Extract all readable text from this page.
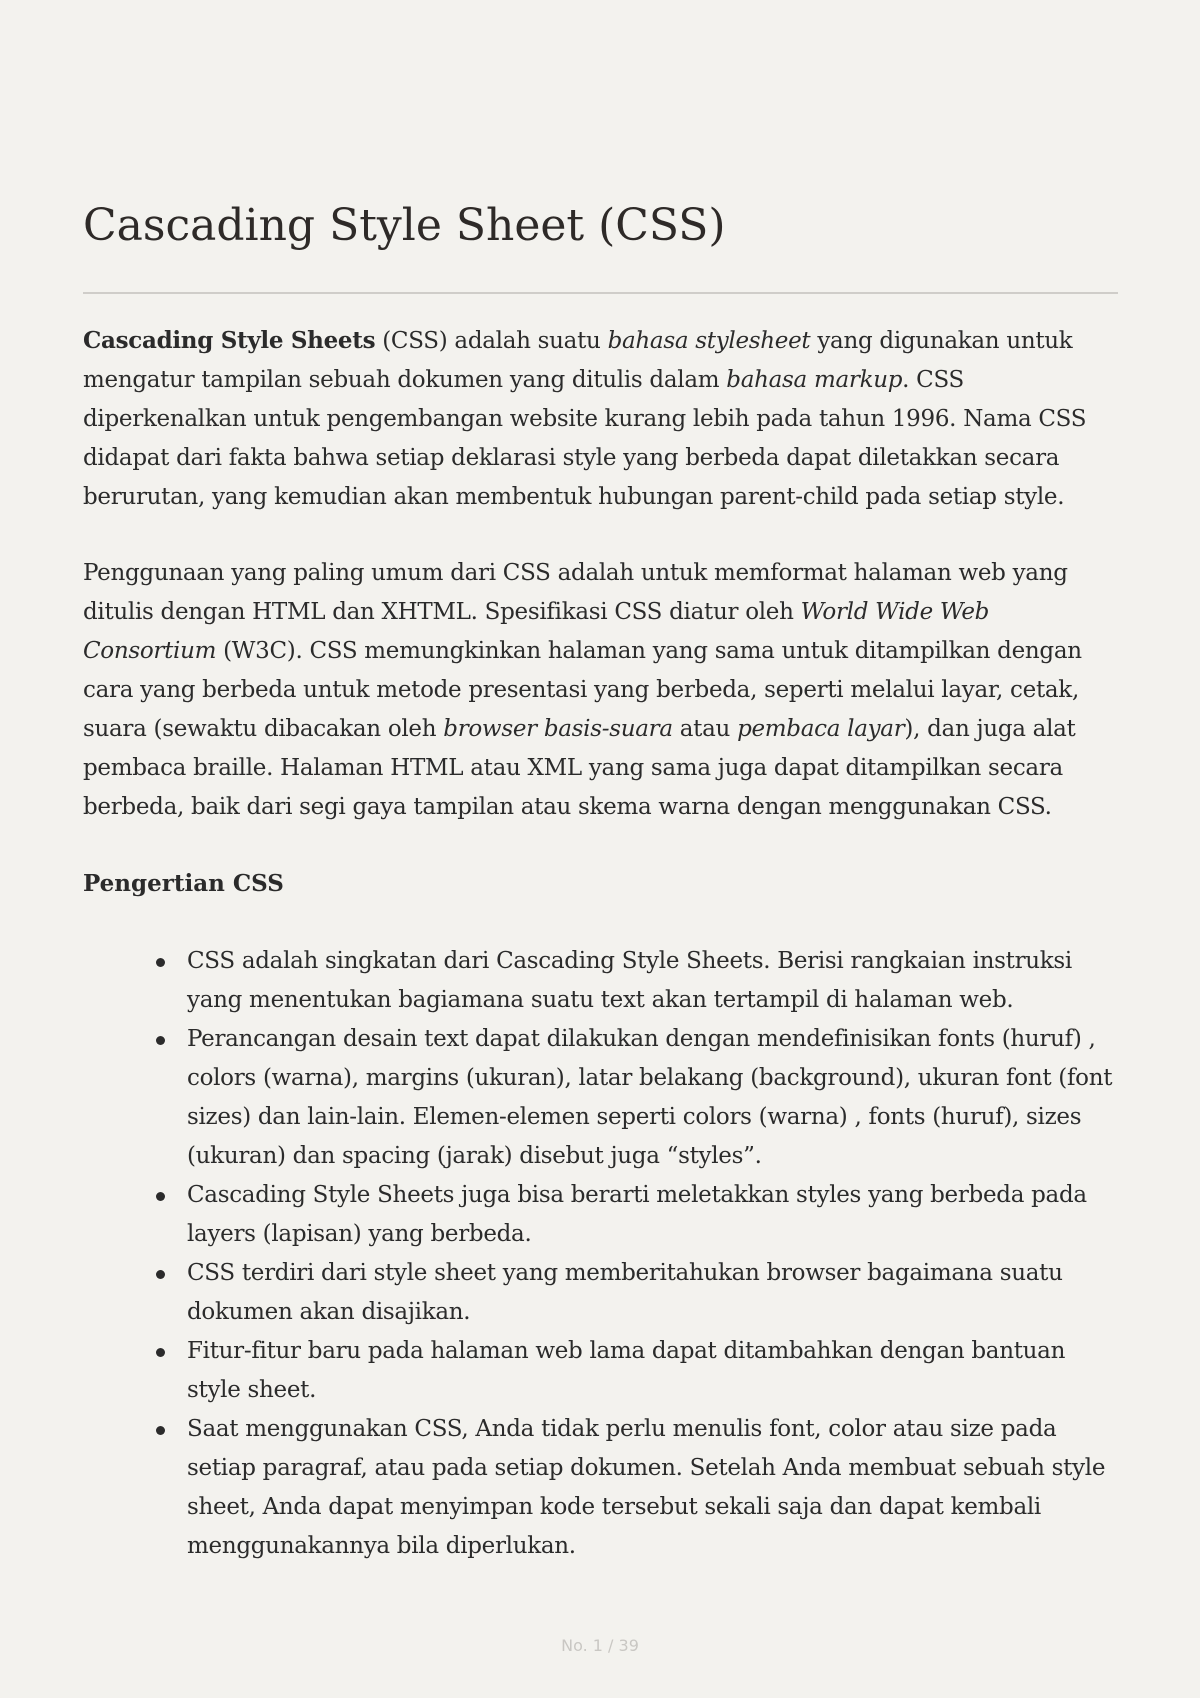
Cascading Style Sheet (CSS)

Cascading Style Sheets (CSS) adalah suatu bahasa stylesheet yang digunakan untuk mengatur tampilan sebuah dokumen yang ditulis dalam bahasa markup. CSS diperkenalkan untuk pengembangan website kurang lebih pada tahun 1996. Nama CSS didapat dari fakta bahwa setiap deklarasi style yang berbeda dapat diletakkan secara berurutan, yang kemudian akan membentuk hubungan parent-child pada setiap style.

Penggunaan yang paling umum dari CSS adalah untuk memformat halaman web yang ditulis dengan HTML dan XHTML. Spesifikasi CSS diatur oleh World Wide Web Consortium (W3C). CSS memungkinkan halaman yang sama untuk ditampilkan dengan cara yang berbeda untuk metode presentasi yang berbeda, seperti melalui layar, cetak, suara (sewaktu dibacakan oleh browser basis-suara atau pembaca layar), dan juga alat pembaca braille. Halaman HTML atau XML yang sama juga dapat ditampilkan secara berbeda, baik dari segi gaya tampilan atau skema warna dengan menggunakan CSS.

Pengertian CSS
CSS adalah singkatan dari Cascading Style Sheets. Berisi rangkaian instruksi yang menentukan bagiamana suatu text akan tertampil di halaman web.
Perancangan desain text dapat dilakukan dengan mendefinisikan fonts (huruf) , colors (warna), margins (ukuran), latar belakang (background), ukuran font (font sizes) dan lain-lain. Elemen-elemen seperti colors (warna) , fonts (huruf), sizes (ukuran) dan spacing (jarak) disebut juga “styles”.
Cascading Style Sheets juga bisa berarti meletakkan styles yang berbeda pada layers (lapisan) yang berbeda.
CSS terdiri dari style sheet yang memberitahukan browser bagaimana suatu dokumen akan disajikan.
Fitur-fitur baru pada halaman web lama dapat ditambahkan dengan bantuan style sheet.
Saat menggunakan CSS, Anda tidak perlu menulis font, color atau size pada setiap paragraf, atau pada setiap dokumen. Setelah Anda membuat sebuah style sheet, Anda dapat menyimpan kode tersebut sekali saja dan dapat kembali menggunakannya bila diperlukan.
No. 1 / 39
